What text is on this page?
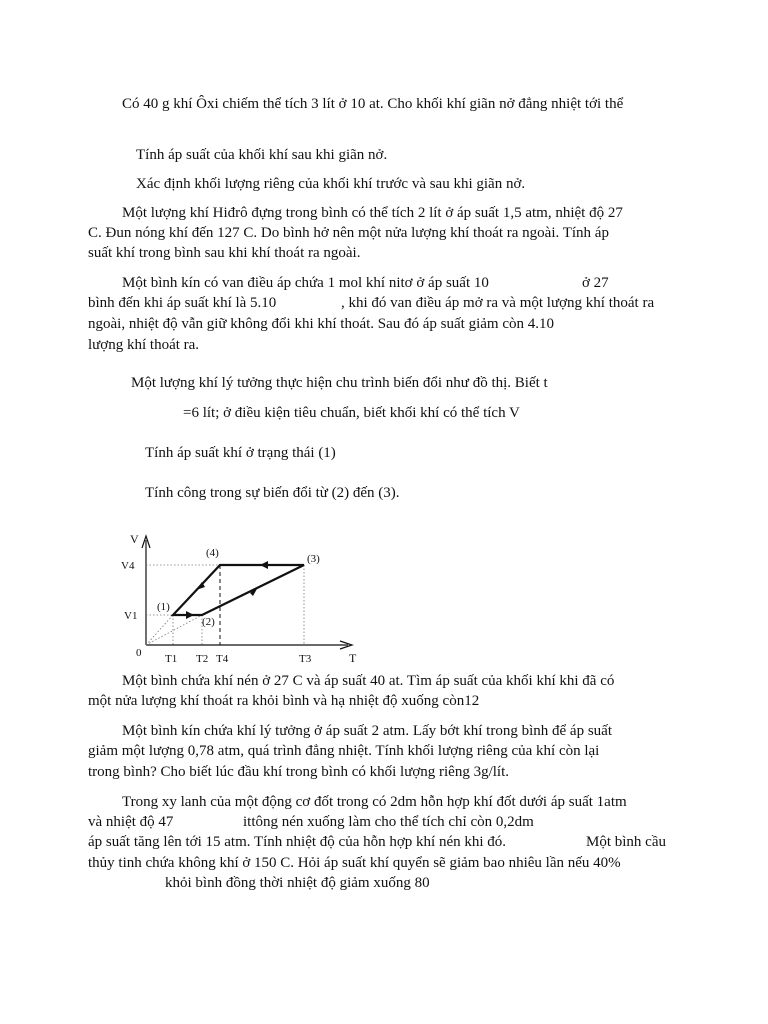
Có 40 g khí Ôxi chiếm thể tích 3 lít ở 10 at. Cho khối khí giãn nở đẳng nhiệt tới thể
Tính áp suất của khối khí sau khi giãn nở.
Xác định khối lượng riêng của khối khí trước và sau khi giãn nở.
Một lượng khí Hiđrô đựng trong bình có thể tích 2 lít ở áp suất 1,5 atm, nhiệt độ 27
C. Đun nóng khí đến 127 C. Do bình hở nên một nửa lượng khí thoát ra ngoài. Tính áp
suất khí trong bình sau khi khí thoát ra ngoài.
Một bình kín có van điều áp chứa 1 mol khí nitơ ở áp suất 10	ở 27
bình đến khi áp suất khí là 5.10	, khi đó van điều áp mở ra và một lượng khí thoát ra
ngoài, nhiệt độ vẫn giữ không đổi khi khí thoát. Sau đó áp suất giảm còn 4.10
lượng khí thoát ra.
Một lượng khí lý tưởng thực hiện chu trình biến đổi như đồ thị. Biết t
=6 lít; ở điều kiện tiêu chuẩn, biết khối khí có thể tích V
Tính áp suất khí ở trạng thái (1)
Tính công trong sự biến đổi từ (2) đến (3).
Một bình chứa khí nén ở 27 C và áp suất 40 at. Tìm áp suất của khối khí khi đã có
một nửa lượng khí thoát ra khỏi bình và hạ nhiệt độ xuống còn12
Một bình kín chứa khí lý tưởng ở áp suất 2 atm. Lấy bớt khí trong bình để áp suất
giảm một lượng 0,78 atm, quá trình đẳng nhiệt. Tính khối lượng riêng của khí còn lại
trong bình? Cho biết lúc đầu khí trong bình có khối lượng riêng 3g/lít.
Trong xy lanh của một động cơ đốt trong có 2dm hỗn hợp khí đốt dưới áp suất 1atm
và nhiệt độ 47	ittông nén xuống làm cho thể tích chỉ còn 0,2dm
áp suất tăng lên tới 15 atm. Tính nhiệt độ của hỗn hợp khí nén khi đó.	Một bình cầu
thủy tinh chứa không khí ở 150 C. Hỏi áp suất khí quyển sẽ giảm bao nhiêu lần nếu 40%
khỏi bình đồng thời nhiệt độ giảm xuống 80
V
T
0
V4
V1
T1 T2 T4	T3
(1)
(2)
(3)
(4)
